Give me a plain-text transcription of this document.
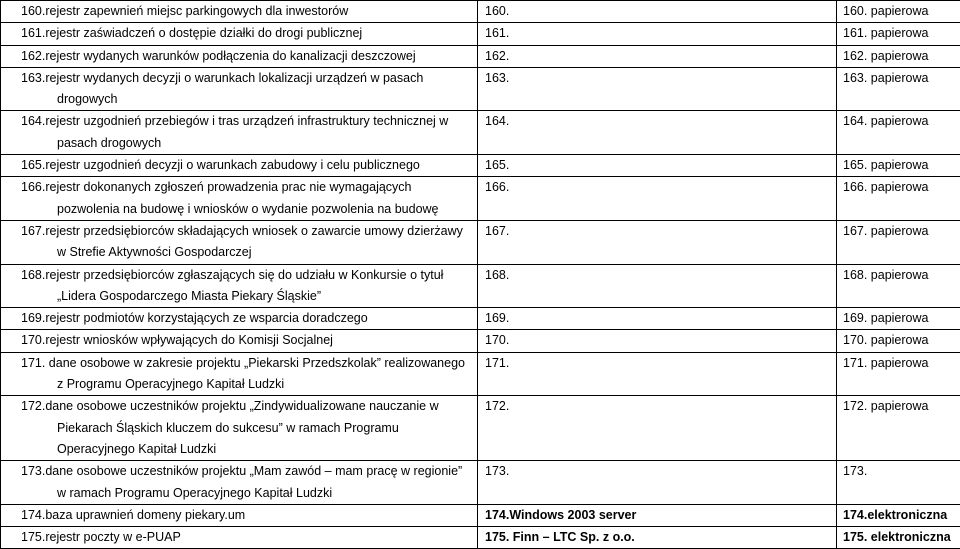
160.rejestr zapewnień miejsc parkingowych dla inwestorów	160.	160. papierowa

161.rejestr zaświadczeń o dostępie działki do drogi publicznej	161.	161. papierowa

162.rejestr wydanych warunków podłączenia do kanalizacji deszczowej	162.	162. papierowa

163.rejestr wydanych decyzji o warunkach lokalizacji urządzeń w pasach
drogowych	163.	163. papierowa

164.rejestr uzgodnień przebiegów i tras urządzeń infrastruktury technicznej w
pasach drogowych	164.	164. papierowa

165.rejestr uzgodnień decyzji o warunkach zabudowy i celu publicznego	165.	165. papierowa

166.rejestr dokonanych zgłoszeń prowadzenia prac nie wymagających
pozwolenia na budowę i wniosków o wydanie pozwolenia na budowę	166.	166. papierowa

167.rejestr przedsiębiorców składających wniosek o zawarcie umowy dzierżawy
w Strefie Aktywności Gospodarczej	167.	167. papierowa

168.rejestr przedsiębiorców zgłaszających się do udziału w Konkursie o tytuł
„Lidera Gospodarczego Miasta Piekary Śląskie”	168.	168. papierowa

169.rejestr podmiotów korzystających ze wsparcia doradczego	169.	169. papierowa

170.rejestr wniosków wpływających do Komisji Socjalnej	170.	170. papierowa

171. dane osobowe w zakresie projektu „Piekarski Przedszkolak” realizowanego
z Programu Operacyjnego Kapitał Ludzki	171.	171. papierowa

172.dane osobowe uczestników projektu „Zindywidualizowane nauczanie w
Piekarach Śląskich kluczem do sukcesu” w ramach Programu
Operacyjnego Kapitał Ludzki	172.	172. papierowa

173.dane osobowe uczestników projektu „Mam zawód – mam pracę w regionie”
w ramach Programu Operacyjnego Kapitał Ludzki	173.	173.

174.baza uprawnień domeny piekary.um	174.Windows 2003 server	174.elektroniczna

175.rejestr poczty w e-PUAP	175. Finn – LTC Sp. z o.o.	175. elektroniczna
